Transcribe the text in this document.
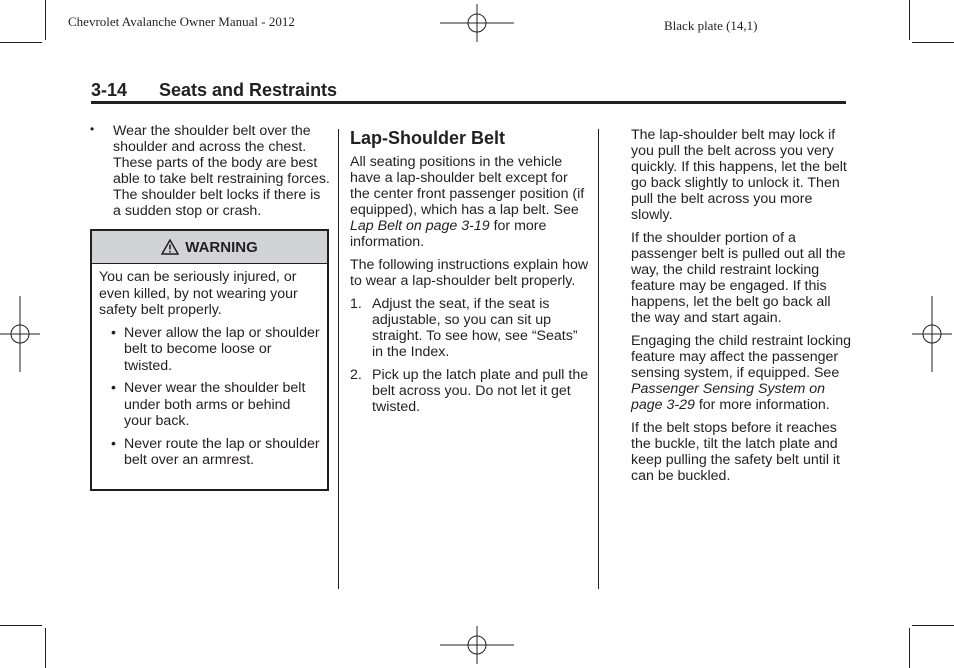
Chevrolet Avalanche Owner Manual - 2012	Black plate (14,1)
3-14 Seats and Restraints
• Wear the shoulder belt over the shoulder and across the chest. These parts of the body are best able to take belt restraining forces. The shoulder belt locks if there is a sudden stop or crash.
WARNING

You can be seriously injured, or even killed, by not wearing your safety belt properly.

• Never allow the lap or shoulder belt to become loose or twisted.
• Never wear the shoulder belt under both arms or behind your back.
• Never route the lap or shoulder belt over an armrest.
Lap-Shoulder Belt

All seating positions in the vehicle have a lap-shoulder belt except for the center front passenger position (if equipped), which has a lap belt. See Lap Belt on page 3-19 for more information.

The following instructions explain how to wear a lap-shoulder belt properly.

1. Adjust the seat, if the seat is adjustable, so you can sit up straight. To see how, see “Seats” in the Index.
2. Pick up the latch plate and pull the belt across you. Do not let it get twisted.

The lap-shoulder belt may lock if you pull the belt across you very quickly. If this happens, let the belt go back slightly to unlock it. Then pull the belt across you more slowly.

If the shoulder portion of a passenger belt is pulled out all the way, the child restraint locking feature may be engaged. If this happens, let the belt go back all the way and start again.

Engaging the child restraint locking feature may affect the passenger sensing system, if equipped. See Passenger Sensing System on page 3-29 for more information.

If the belt stops before it reaches the buckle, tilt the latch plate and keep pulling the safety belt until it can be buckled.
